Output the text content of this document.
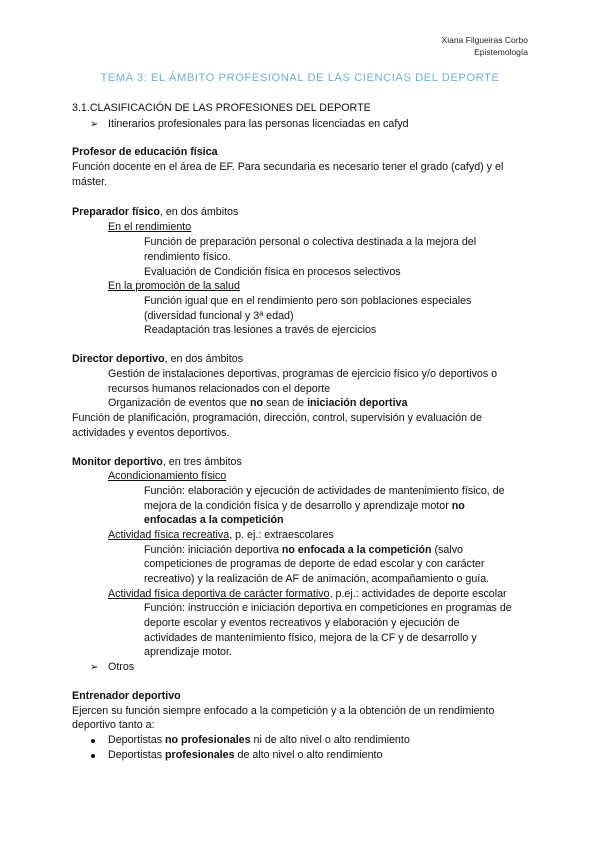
Xiana Filgueiras Corbo
Epistemología
TEMA 3: EL ÁMBITO PROFESIONAL DE LAS CIENCIAS DEL DEPORTE
3.1.CLASIFICACIÓN DE LAS PROFESIONES DEL DEPORTE
➢ Itinerarios profesionales para las personas licenciadas en cafyd
Profesor de educación física
Función docente en el área de EF. Para secundaria es necesario tener el grado (cafyd) y el
máster.
Preparador físico, en dos ámbitos
En el rendimiento
Función de preparación personal o colectiva destinada a la mejora del
rendimiento físico.
Evaluación de Condición física en procesos selectivos
En la promoción de la salud
Función igual que en el rendimiento pero son poblaciones especiales
(diversidad funcional y 3ª edad)
Readaptación tras lesiones a través de ejercicios
Director deportivo, en dos ámbitos
Gestión de instalaciones deportivas, programas de ejercicio físico y/o deportivos o
recursos humanos relacionados con el deporte
Organización de eventos que no sean de iniciación deportiva
Función de planificación, programación, dirección, control, supervisión y evaluación de
actividades y eventos deportivos.
Monitor deportivo, en tres ámbitos
Acondicionamiento físico
Función: elaboración y ejecución de actividades de mantenimiento físico, de
mejora de la condición física y de desarrollo y aprendizaje motor no
enfocadas a la competición
Actividad física recreativa, p. ej.: extraescolares
Función: iniciación deportiva no enfocada a la competición (salvo
competiciones de programas de deporte de edad escolar y con carácter
recreativo) y la realización de AF de animación, acompañamiento o guía.
Actividad física deportiva de carácter formativo, p.ej.: actividades de deporte escolar
Función: instrucción e iniciación deportiva en competiciones en programas de
deporte escolar y eventos recreativos y elaboración y ejecución de
actividades de mantenimiento físico, mejora de la CF y de desarrollo y
aprendizaje motor.
➢ Otros
Entrenador deportivo
Ejercen su función siempre enfocado a la competición y a la obtención de un rendimiento
deportivo tanto a:
Deportistas no profesionales ni de alto nivel o alto rendimiento
Deportistas profesionales de alto nivel o alto rendimiento
